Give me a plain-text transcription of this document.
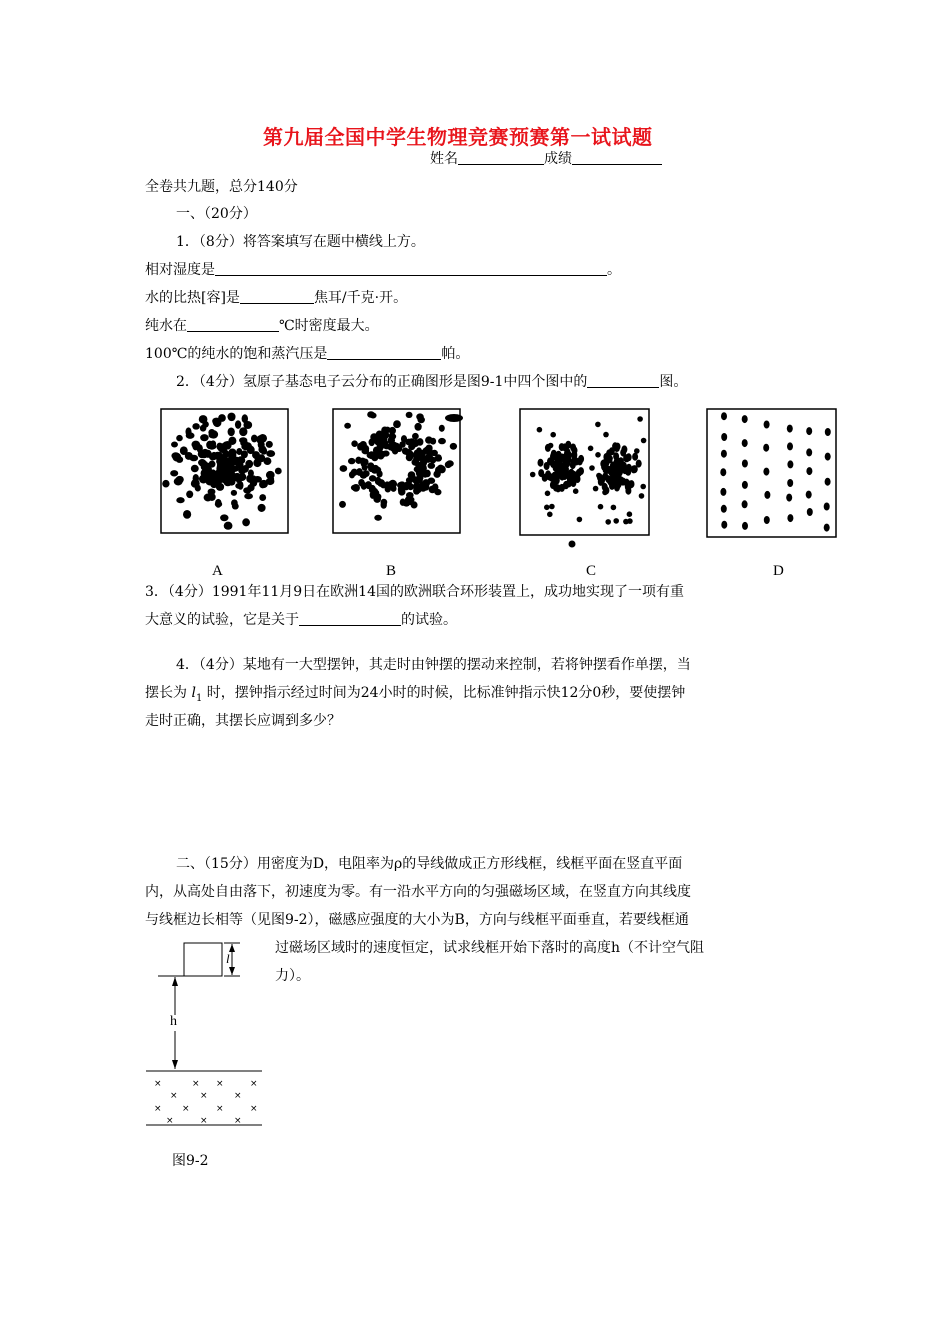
第九届全国中学生物理竞赛预赛第一试试题
姓名	成绩
全卷共九题，总分140分
一、（20分）
1．（8分）将答案填写在题中横线上方。
相对湿度是	。
水的比热[容]是	焦耳/千克·开。
纯水在	℃时密度最大。
100℃的纯水的饱和蒸汽压是	帕。
2．（4分）氢原子基态电子云分布的正确图形是图9-1中四个图中的	图。
A	B	C	D
3．（4分）1991年11月9日在欧洲14国的欧洲联合环形装置上，成功地实现了一项有重
大意义的试验，它是关于	的试验。
4．（4分）某地有一大型摆钟，其走时由钟摆的摆动来控制，若将钟摆看作单摆，当
摆长为 $l_1$ 时，摆钟指示经过时间为24小时的时候，比标准钟指示快12分0秒，要使摆钟
走时正确，其摆长应调到多少？
二、（15分）用密度为D，电阻率为ρ的导线做成正方形线框，线框平面在竖直平面
内，从高处自由落下，初速度为零。有一沿水平方向的匀强磁场区域，在竖直方向其线度
与线框边长相等（见图9-2），磁感应强度的大小为B，方向与线框平面垂直，若要线框通
过磁场区域时的速度恒定，试求线框开始下落时的高度h（不计空气阻
力）。
×	× ×	×
× ×	×
× ×	×	×
×	×	×
l
h
图9-2
